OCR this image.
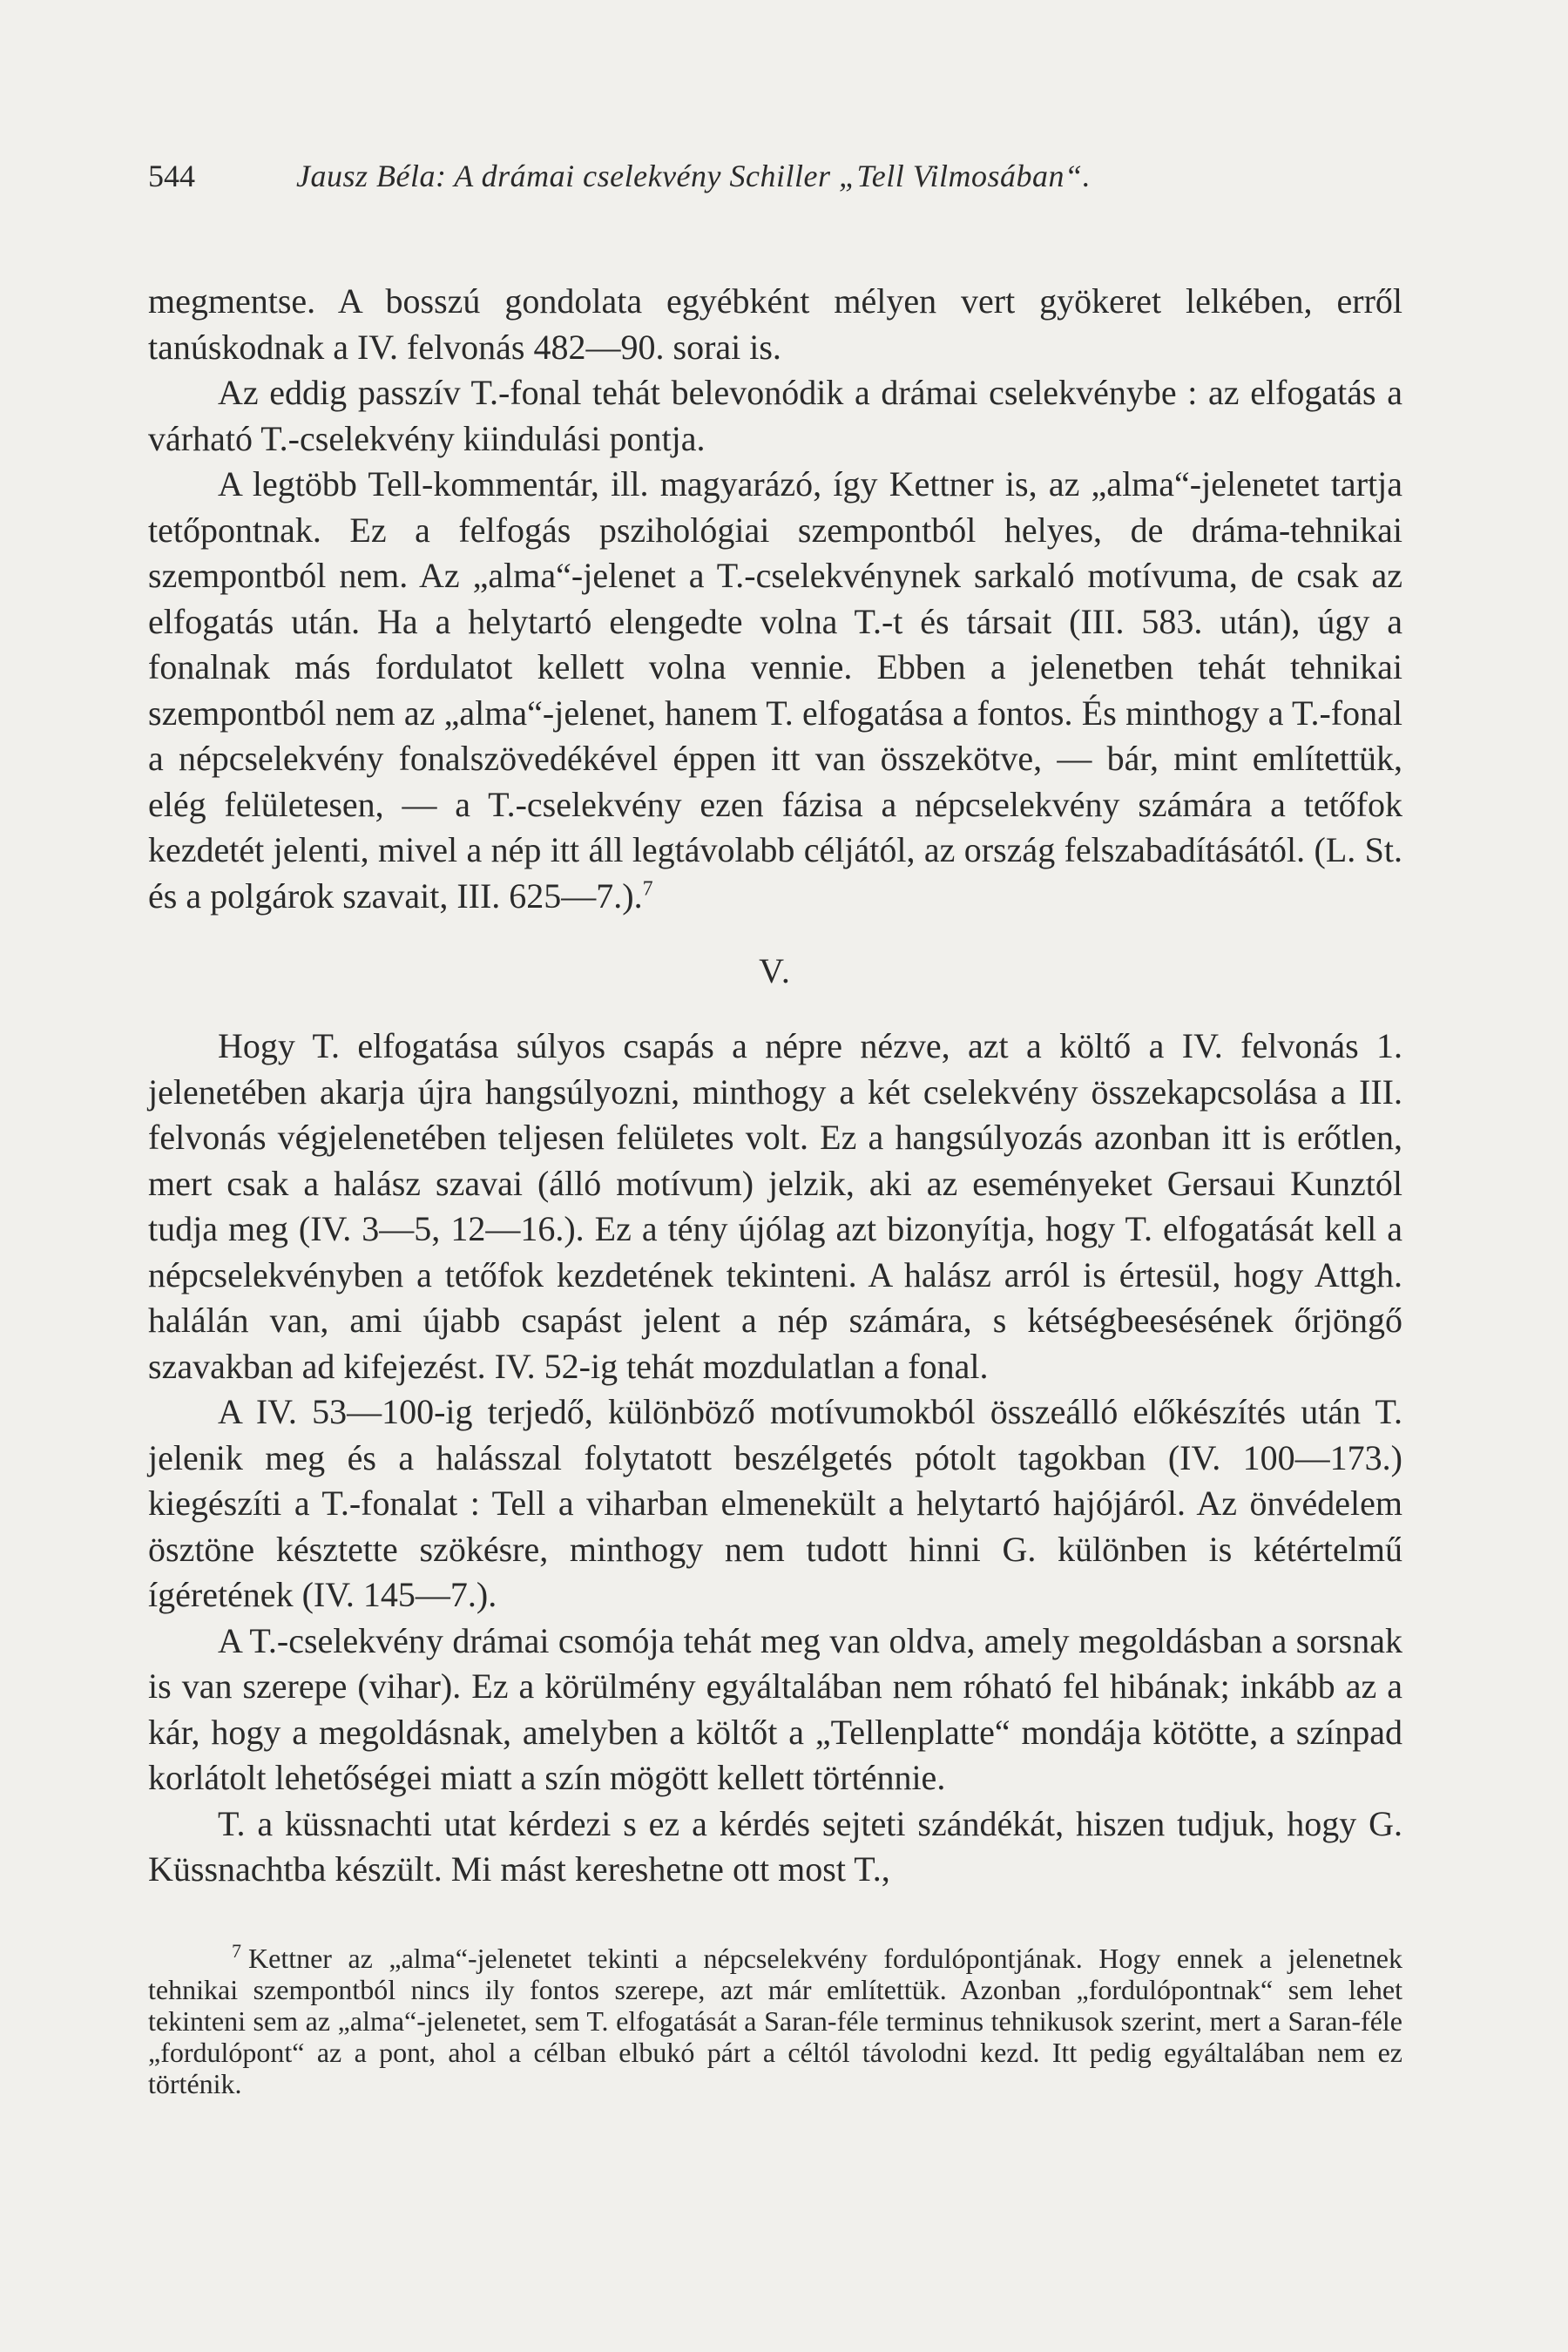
544	Jausz Béla: A drámai cselekvény Schiller „Tell Vilmosában“.

megmentse. A bosszú gondolata egyébként mélyen vert gyökeret lelkében, erről tanúskodnak a IV. felvonás 482—90. sorai is.

Az eddig passzív T.-fonal tehát belevonódik a drámai cselekvénybe : az elfogatás a várható T.-cselekvény kiindulási pontja.

A legtöbb Tell-kommentár, ill. magyarázó, így Kettner is, az „alma“-jelenetet tartja tetőpontnak. Ez a felfogás pszihológiai szempontból helyes, de dráma-tehnikai szempontból nem. Az „alma“-jelenet a T.-cselekvénynek sarkaló motívuma, de csak az elfogatás után. Ha a helytartó elengedte volna T.-t és társait (III. 583. után), úgy a fonalnak más fordulatot kellett volna vennie. Ebben a jelenetben tehát tehnikai szempontból nem az „alma“-jelenet, hanem T. elfogatása a fontos. És minthogy a T.-fonal a népcselekvény fonalszövedékével éppen itt van összekötve, — bár, mint említettük, elég felületesen, — a T.-cselekvény ezen fázisa a népcselekvény számára a tetőfok kezdetét jelenti, mivel a nép itt áll legtávolabb céljától, az ország felszabadításától. (L. St. és a polgárok szavait, III. 625—7.).$^7$

V.

Hogy T. elfogatása súlyos csapás a népre nézve, azt a költő a IV. felvonás 1. jelenetében akarja újra hangsúlyozni, minthogy a két cselekvény összekapcsolása a III. felvonás végjelenetében teljesen felületes volt. Ez a hangsúlyozás azonban itt is erőtlen, mert csak a halász szavai (álló motívum) jelzik, aki az eseményeket Gersaui Kunztól tudja meg (IV. 3—5, 12—16.). Ez a tény újólag azt bizonyítja, hogy T. elfogatását kell a népcselekvényben a tetőfok kezdetének tekinteni. A halász arról is értesül, hogy Attgh. halálán van, ami újabb csapást jelent a nép számára, s kétségbeesésének őrjöngő szavakban ad kifejezést. IV. 52-ig tehát mozdulatlan a fonal.

A IV. 53—100-ig terjedő, különböző motívumokból összeálló előkészítés után T. jelenik meg és a halásszal folytatott beszélgetés pótolt tagokban (IV. 100—173.) kiegészíti a T.-fonalat : Tell a viharban elmenekült a helytartó hajójáról. Az önvédelem ösztöne késztette szökésre, minthogy nem tudott hinni G. különben is kétértelmű ígéretének (IV. 145—7.).

A T.-cselekvény drámai csomója tehát meg van oldva, amely megoldásban a sorsnak is van szerepe (vihar). Ez a körülmény egyáltalában nem róható fel hibának; inkább az a kár, hogy a megoldásnak, amelyben a költőt a „Tellenplatte“ mondája kötötte, a színpad korlátolt lehetőségei miatt a szín mögött kellett történnie.

T. a küssnachti utat kérdezi s ez a kérdés sejteti szándékát, hiszen tudjuk, hogy G. Küssnachtba készült. Mi mást kereshetne ott most T.,

$^7$ Kettner az „alma“-jelenetet tekinti a népcselekvény fordulópontjának. Hogy ennek a jelenetnek tehnikai szempontból nincs ily fontos szerepe, azt már említettük. Azonban „fordulópontnak“ sem lehet tekinteni sem az „alma“-jelenetet, sem T. elfogatását a Saran-féle terminus tehnikusok szerint, mert a Saran-féle „fordulópont“ az a pont, ahol a célban elbukó párt a céltól távolodni kezd. Itt pedig egyáltalában nem ez történik.
